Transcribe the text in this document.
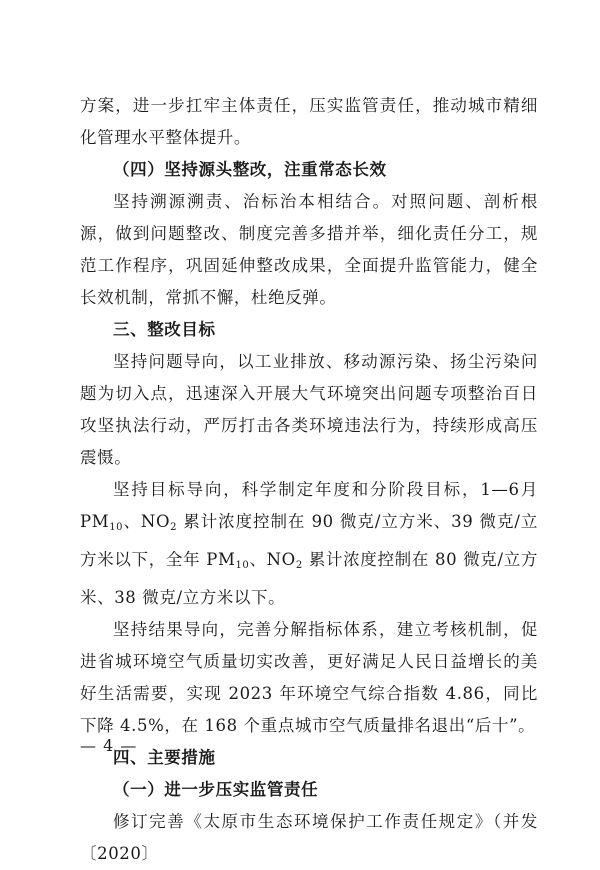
方案，进一步扛牢主体责任，压实监管责任，推动城市精细化管理水平整体提升。

（四）坚持源头整改，注重常态长效

坚持溯源溯责、治标治本相结合。对照问题、剖析根源，做到问题整改、制度完善多措并举，细化责任分工，规范工作程序，巩固延伸整改成果，全面提升监管能力，健全长效机制，常抓不懈，杜绝反弹。

三、整改目标

坚持问题导向，以工业排放、移动源污染、扬尘污染问题为切入点，迅速深入开展大气环境突出问题专项整治百日攻坚执法行动，严厉打击各类环境违法行为，持续形成高压震慑。

坚持目标导向，科学制定年度和分阶段目标，1—6月 $PM_{10}$、$NO_2$ 累计浓度控制在 90 微克/立方米、39 微克/立方米以下，全年 $PM_{10}$、$NO_2$ 累计浓度控制在 80 微克/立方米、38 微克/立方米以下。

坚持结果导向，完善分解指标体系，建立考核机制，促进省城环境空气质量切实改善，更好满足人民日益增长的美好生活需要，实现 2023 年环境空气综合指数 4.86，同比下降 4.5%，在 168 个重点城市空气质量排名退出“后十”。

四、主要措施

（一）进一步压实监管责任

修订完善《太原市生态环境保护工作责任规定》（并发〔2020〕

— 4 —
